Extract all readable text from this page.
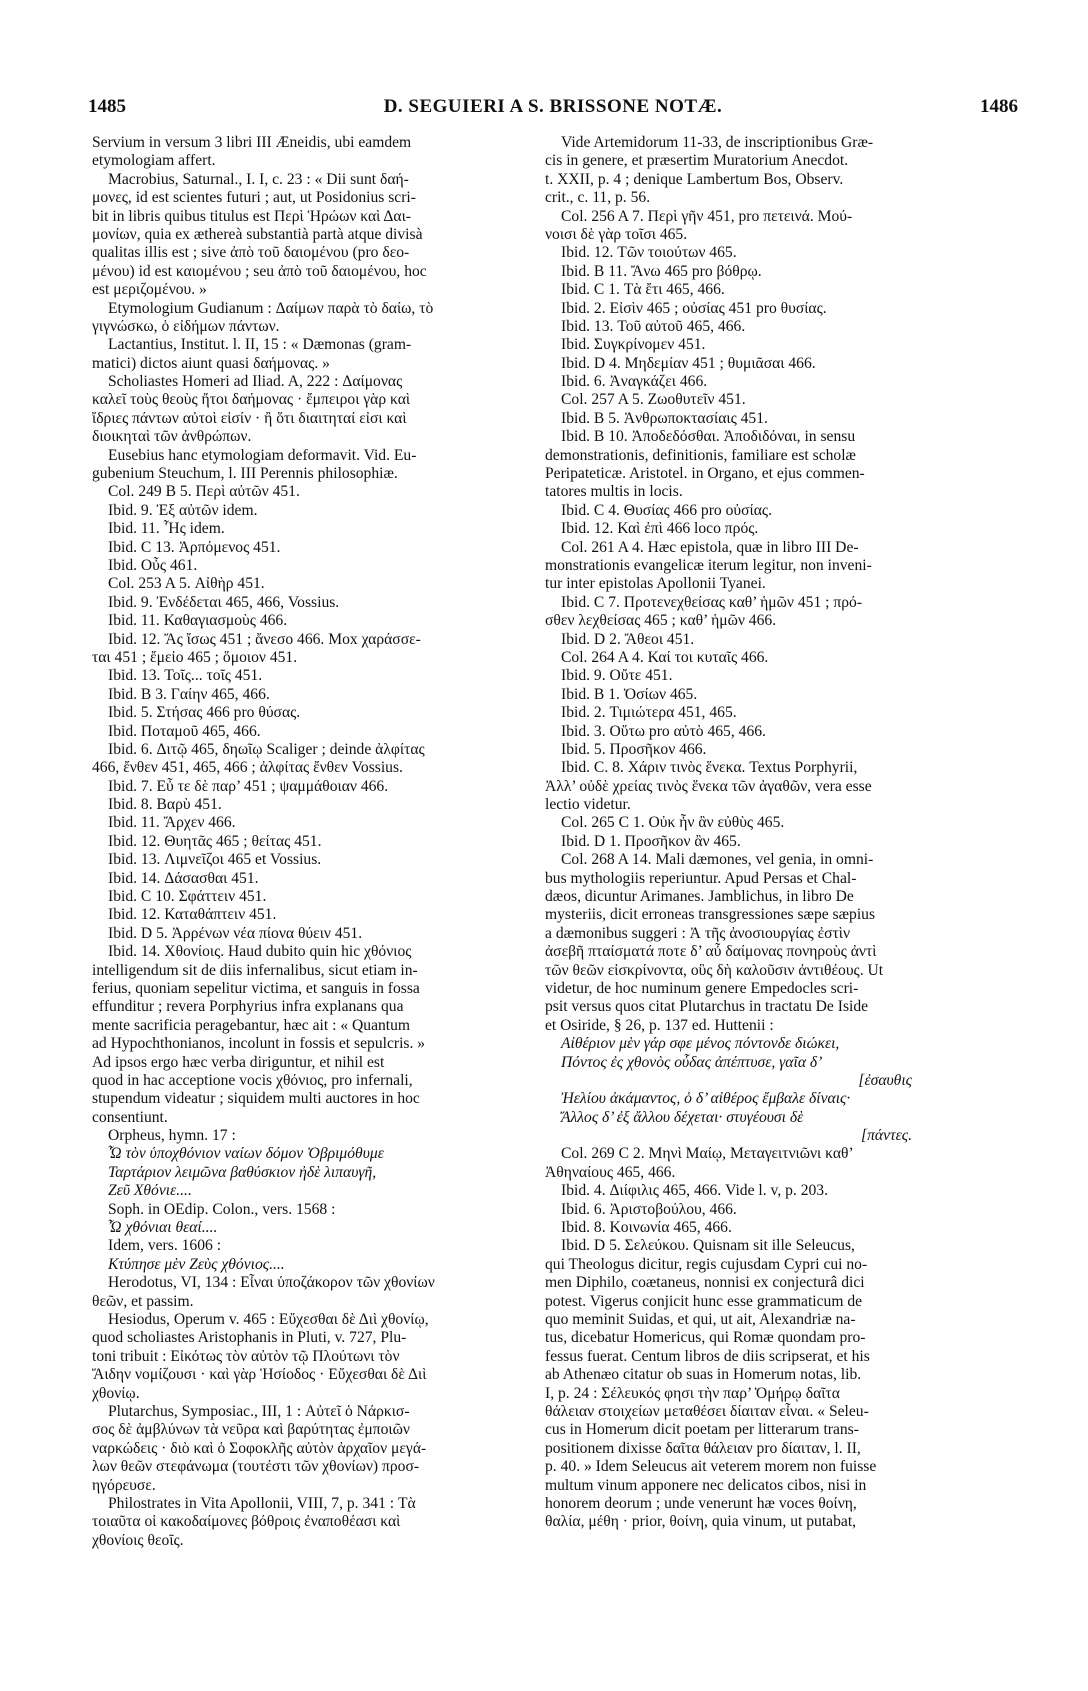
1485	D. SEGUIERI A S. BRISSONE NOTÆ.	1486
Servium in versum 3 libri III Æneidis, ubi eamdem
etymologiam affert.
Macrobius, Saturnal., I. I, c. 23 : « Dii sunt δαή-
μονες, id est scientes futuri ; aut, ut Posidonius scri-
bit in libris quibus titulus est Περὶ Ἡρώων καὶ Δαι-
μονίων, quia ex æthereà substantià partà atque divisà
qualitas illis est ; sive ἀπὸ τοῦ δαιομένου (pro δεο-
μένου) id est καιομένου ; seu ἀπὸ τοῦ δαιομένου, hoc
est μεριζομένου. »
Etymologium Gudianum : Δαίμων παρὰ τὸ δαίω, τὸ
γιγνώσκω, ὁ εἰδήμων πάντων.
Lactantius, Institut. l. II, 15 : « Dæmonas (gram-
matici) dictos aiunt quasi δαήμονας. »
Scholiastes Homeri ad Iliad. A, 222 : Δαίμονας
καλεῖ τοὺς θεοὺς ἤτοι δαήμονας · ἔμπειροι γὰρ καὶ
ἴδριες πάντων αὐτοὶ εἰσίν · ἢ ὅτι διαιτηταί εἰσι καὶ
διοικηταὶ τῶν ἀνθρώπων.
Eusebius hanc etymologiam deformavit. Vid. Eu-
gubenium Steuchum, l. III Perennis philosophiæ.
Col. 249 B 5. Περὶ αὐτῶν 451.
Ibid. 9. Ἐξ αὐτῶν idem.
Ibid. 11. Ἧς idem.
Ibid. C 13. Ἀρπόμενος 451.
Ibid. Οὖς 461.
Col. 253 A 5. Αἰθὴρ 451.
Ibid. 9. Ἐνδέδεται 465, 466, Vossius.
Ibid. 11. Καθαγιασμοὺς 466.
Ibid. 12. Ἄς ἴσως 451 ; ἄνεσο 466. Mox χαράσσε-
ται 451 ; ἔμεἰο 465 ; ὅμοιον 451.
Ibid. 13. Τοῖς... τοῖς 451.
Ibid. B 3. Γαίην 465, 466.
Ibid. 5. Στήσας 466 pro θύσας.
Ibid. Ποταμοῦ 465, 466.
Ibid. 6. Διτῷ 465, δηωῖῳ Scaliger ; deinde ἀλφίτας
466, ἔνθεν 451, 465, 466 ; ἀλφίτας ἔνθεν Vossius.
Ibid. 7. Εὖ τε δὲ παρ’ 451 ; ψαμμάθοιαν 466.
Ibid. 8. Βαρὺ 451.
Ibid. 11. Ἄρχεν 466.
Ibid. 12. Θυητᾶς 465 ; θείτας 451.
Ibid. 13. Λιμνεῖζοι 465 et Vossius.
Ibid. 14. Δάσασθαι 451.
Ibid. C 10. Σφάττειν 451.
Ibid. 12. Καταθάπτειν 451.
Ibid. D 5. Ἀρρένων νέα πίονα θύειν 451.
Ibid. 14. Χθονίοις. Haud dubito quin hic χθόνιος
intelligendum sit de diis infernalibus, sicut etiam in-
ferius, quoniam sepelitur victima, et sanguis in fossa
effunditur ; revera Porphyrius infra explanans qua
mente sacrificia peragebantur, hæc ait : « Quantum
ad Hypochthonianos, incolunt in fossis et sepulcris. »
Ad ipsos ergo hæc verba diriguntur, et nihil est
quod in hac acceptione vocis χθόνιος, pro infernali,
stupendum videatur ; siquidem multi auctores in hoc
consentiunt.
Orpheus, hymn. 17 :
Ὦ τὸν ὑποχθόνιον ναίων δόμον Ὀβριμόθυμε
Ταρτάριον λειμῶνα βαθύσκιον ἠδὲ λιπαυγῆ,
Ζεῦ Χθόνιε....
Soph. in OEdip. Colon., vers. 1568 :
Ὦ χθόνιαι θεαί....
Idem, vers. 1606 :
Κτύπησε μὲν Ζεὺς χθόνιος....
Herodotus, VI, 134 : Εἶναι ὑποζάκορον τῶν χθονίων
θεῶν, et passim.
Hesiodus, Operum v. 465 : Εὔχεσθαι δὲ Διὶ χθονίῳ,
quod scholiastes Aristophanis in Pluti, v. 727, Plu-
toni tribuit : Εἰκότως τὸν αὐτὸν τῷ Πλούτωνι τὸν
Ἅιδην νομίζουσι · καὶ γὰρ Ἡσίοδος · Εὔχεσθαι δὲ Διὶ
χθονίῳ.
Plutarchus, Symposiac., III, 1 : Αὐτεῖ ὁ Νάρκισ-
σος δὲ ἀμβλύνων τὰ νεῦρα καὶ βαρύτητας ἐμποιῶν
ναρκώδεις · διὸ καὶ ὁ Σοφοκλῆς αὐτὸν ἀρχαῖον μεγά-
λων θεῶν στεφάνωμα (τουτέστι τῶν χθονίων) προσ-
ηγόρευσε.
Philostrates in Vita Apollonii, VIII, 7, p. 341 : Τὰ
τοιαῦτα οἱ κακοδαίμονες βόθροις ἐναποθέασι καὶ
χθονίοις θεοῖς.
Vide Artemidorum 11-33, de inscriptionibus Græ-
cis in genere, et præsertim Muratorium Anecdot.
t. XXII, p. 4 ; denique Lambertum Bos, Observ.
crit., c. 11, p. 56.
Col. 256 A 7. Περὶ γῆν 451, pro πετεινά. Μού-
νοισι δὲ γὰρ τοῖσι 465.
Ibid. 12. Τῶν τοιούτων 465.
Ibid. B 11. Ἄνω 465 pro βόθρῳ.
Ibid. C 1. Τὰ ἔτι 465, 466.
Ibid. 2. Εἰσὶν 465 ; οὐσίας 451 pro θυσίας.
Ibid. 13. Τοῦ αὐτοῦ 465, 466.
Ibid. Συγκρίνομεν 451.
Ibid. D 4. Μηδεμίαν 451 ; θυμιᾶσαι 466.
Ibid. 6. Ἀναγκάζει 466.
Col. 257 A 5. Ζωοθυτεῖν 451.
Ibid. B 5. Ἀνθρωποκτασίαις 451.
Ibid. B 10. Ἀποδεδόσθαι. Ἀποδιδόναι, in sensu
demonstrationis, definitionis, familiare est scholæ
Peripateticæ. Aristotel. in Organo, et ejus commen-
tatores multis in locis.
Ibid. C 4. Θυσίας 466 pro οὐσίας.
Ibid. 12. Καὶ ἐπὶ 466 loco πρός.
Col. 261 A 4. Hæc epistola, quæ in libro III De-
monstrationis evangelicæ iterum legitur, non inveni-
tur inter epistolas Apollonii Tyanei.
Ibid. C 7. Προτενεχθείσας καθ’ ἡμῶν 451 ; πρό-
σθεν λεχθείσας 465 ; καθ’ ἡμῶν 466.
Ibid. D 2. Ἄθεοι 451.
Col. 264 A 4. Καί τοι κυταῖς 466.
Ibid. 9. Οὔτε 451.
Ibid. B 1. Ὀσίων 465.
Ibid. 2. Τιμιώτερα 451, 465.
Ibid. 3. Οὕτω pro αὐτὸ 465, 466.
Ibid. 5. Προσῆκον 466.
Ibid. C. 8. Χάριν τινὸς ἕνεκα. Textus Porphyrii,
Ἀλλ’ οὐδὲ χρείας τινὸς ἕνεκα τῶν ἀγαθῶν, vera esse
lectio videtur.
Col. 265 C 1. Οὐκ ἦν ἂν εὐθὺς 465.
Ibid. D 1. Προσῆκον ἂν 465.
Col. 268 A 14. Mali dæmones, vel genia, in omni-
bus mythologiis reperiuntur. Apud Persas et Chal-
dæos, dicuntur Arimanes. Jamblichus, in libro De
mysteriis, dicit erroneas transgressiones sæpe sæpius
a dæmonibus suggeri : Ἀ τῆς ἀνοσιουργίας ἐστὶν
ἀσεβῆ πταίσματά ποτε δ’ αὖ δαίμονας πονηροὺς ἀντὶ
τῶν θεῶν εἰσκρίνοντα, οὓς δὴ καλοῦσιν ἀντιθέους. Ut
videtur, de hoc numinum genere Empedocles scri-
psit versus quos citat Plutarchus in tractatu De Iside
et Osiride, § 26, p. 137 ed. Huttenii :
Αἰθέριον μὲν γάρ σφε μένος πόντονδε διώκει,
Πόντος ἐς χθονὸς οὖδας ἀπέπτυσε, γαῖα δ’
[ἐσαυθις
Ἠελίου ἀκάμαντος, ὁ δ’ αἰθέρος ἔμβαλε δίναις·
Ἄλλος δ’ ἐξ ἄλλου δέχεται· στυγέουσι δὲ
[πάντες.
Col. 269 C 2. Μηνὶ Μαίῳ, Μεταγειτνιῶνι καθ’
Ἀθηναίους 465, 466.
Ibid. 4. Διίφιλις 465, 466. Vide l. v, p. 203.
Ibid. 6. Ἀριστοβούλου, 466.
Ibid. 8. Κοινωνία 465, 466.
Ibid. D 5. Σελεύκου. Quisnam sit ille Seleucus,
qui Theologus dicitur, regis cujusdam Cypri cui no-
men Diphilo, coætaneus, nonnisi ex conjecturâ dici
potest. Vigerus conjicit hunc esse grammaticum de
quo meminit Suidas, et qui, ut ait, Alexandriæ na-
tus, dicebatur Homericus, qui Romæ quondam pro-
fessus fuerat. Centum libros de diis scripserat, et his
ab Athenæo citatur ob suas in Homerum notas, lib.
I, p. 24 : Σέλευκός φησι τὴν παρ’ Ὁμήρῳ δαῖτα
θάλειαν στοιχείων μεταθέσει δίαιταν εἶναι. « Seleu-
cus in Homerum dicit poetam per litterarum trans-
positionem dixisse δαῖτα θάλειαν pro δίαιταν, l. II,
p. 40. » Idem Seleucus ait veterem morem non fuisse
multum vinum apponere nec delicatos cibos, nisi in
honorem deorum ; unde venerunt hæ voces θοίνη,
θαλία, μέθη · prior, θοίνη, quia vinum, ut putabat,
